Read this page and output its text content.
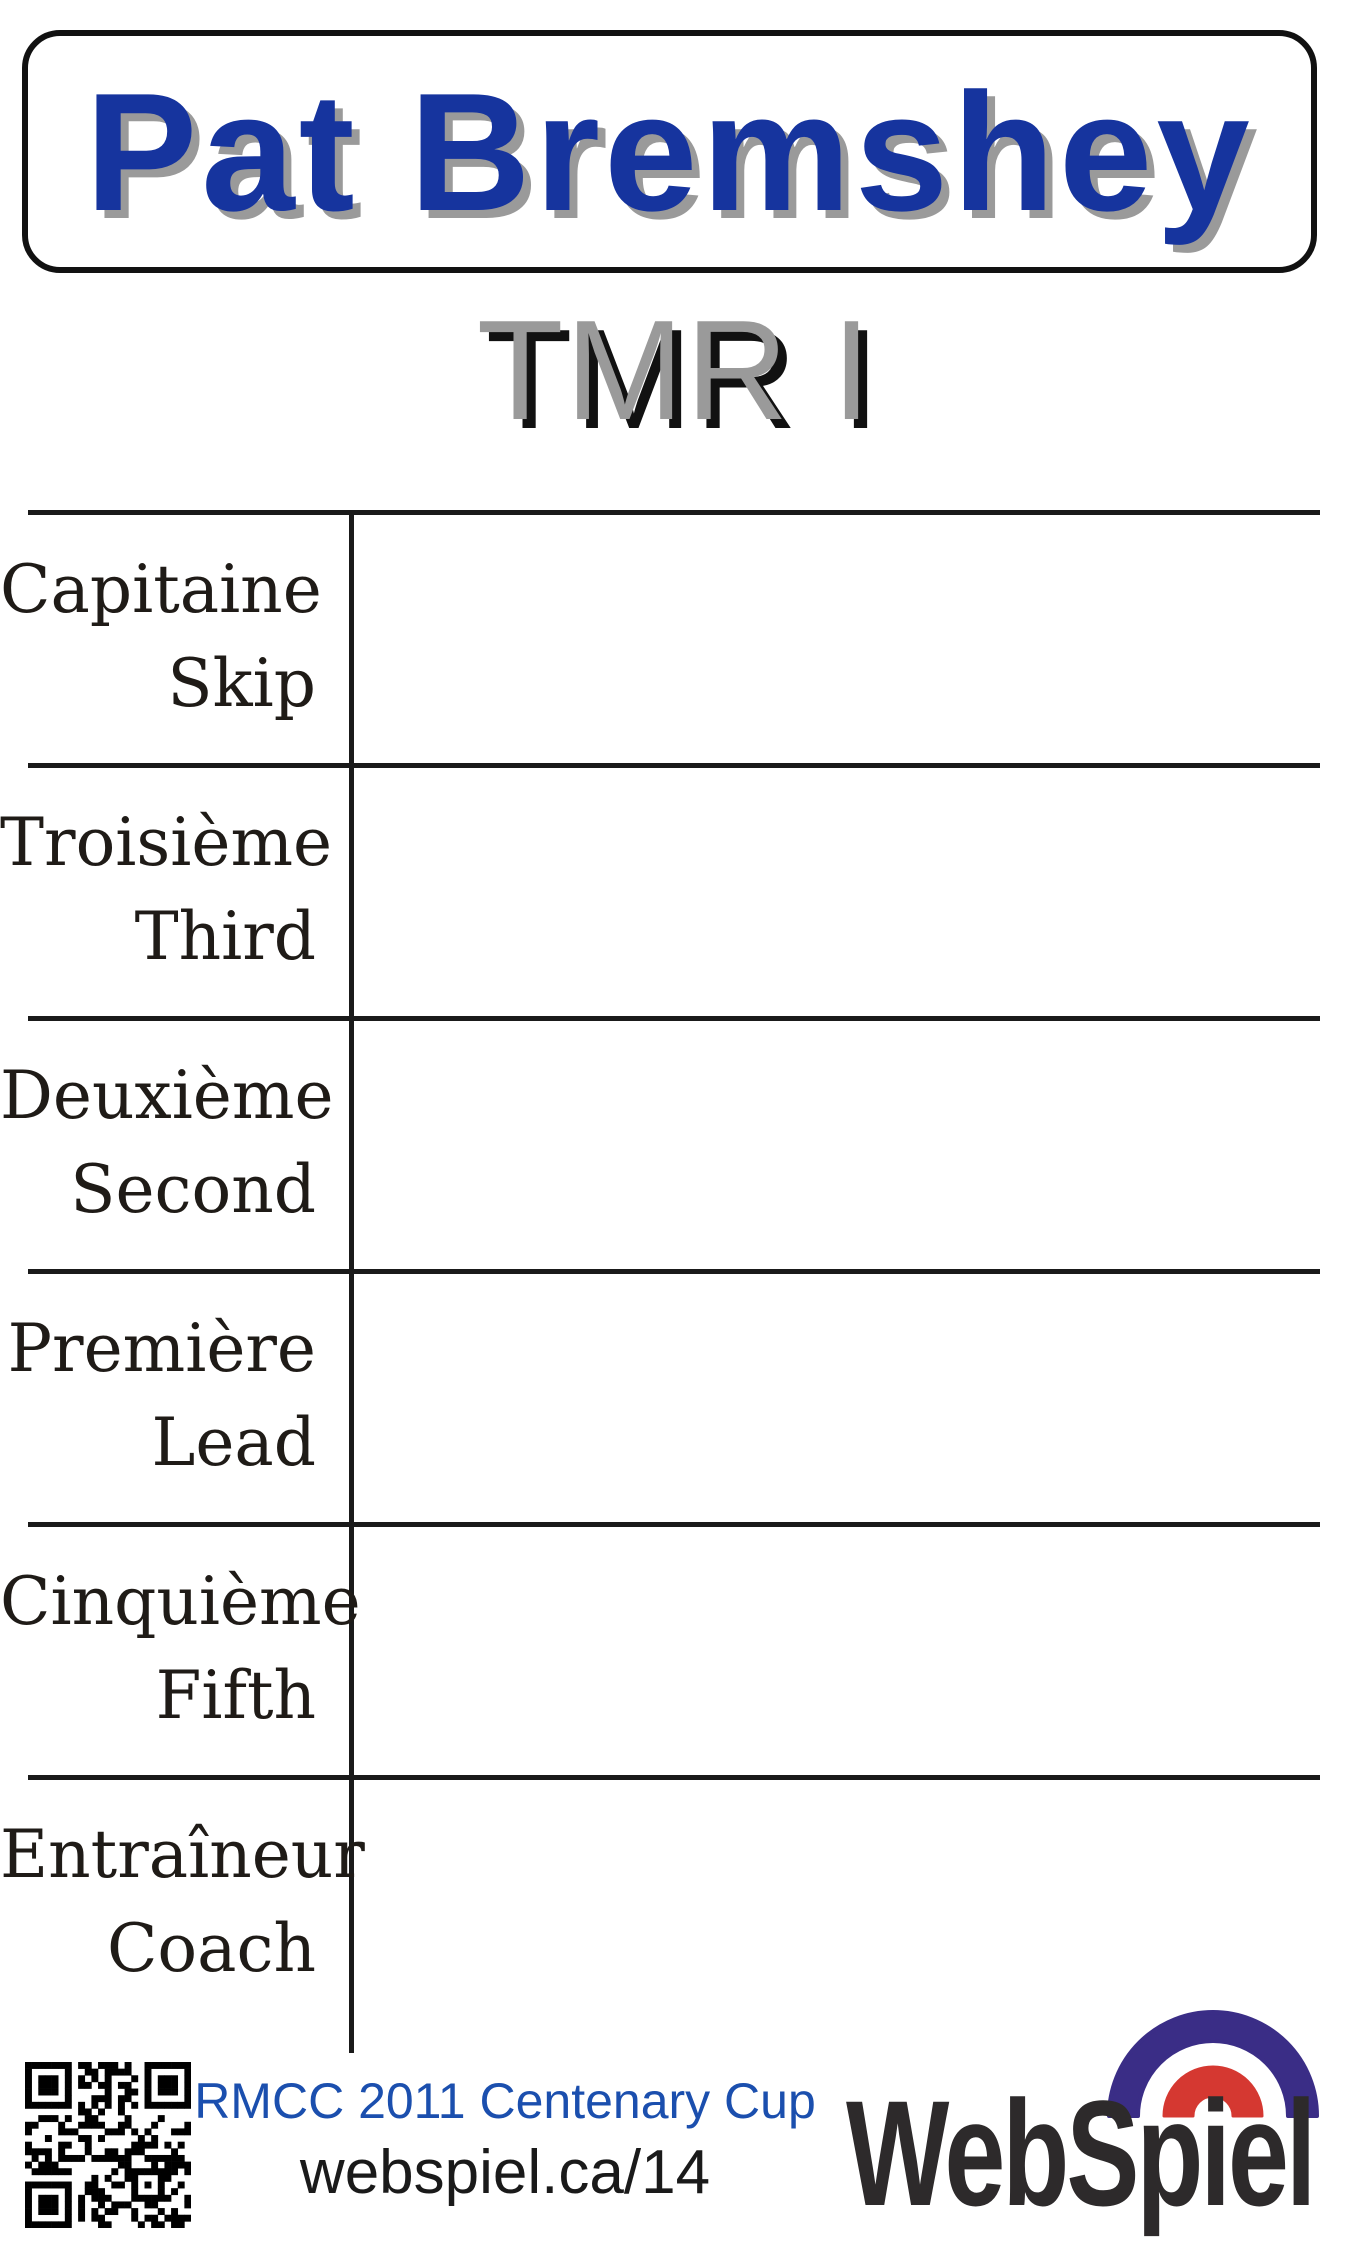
Pat Bremshey
TMR I
Capitaine
Skip
Troisième
Third
Deuxième
Second
Première
Lead
Cinquième
Fifth
Entraîneur
Coach
RMCC 2011 Centenary Cup
webspiel.ca/14 WebSpiel
